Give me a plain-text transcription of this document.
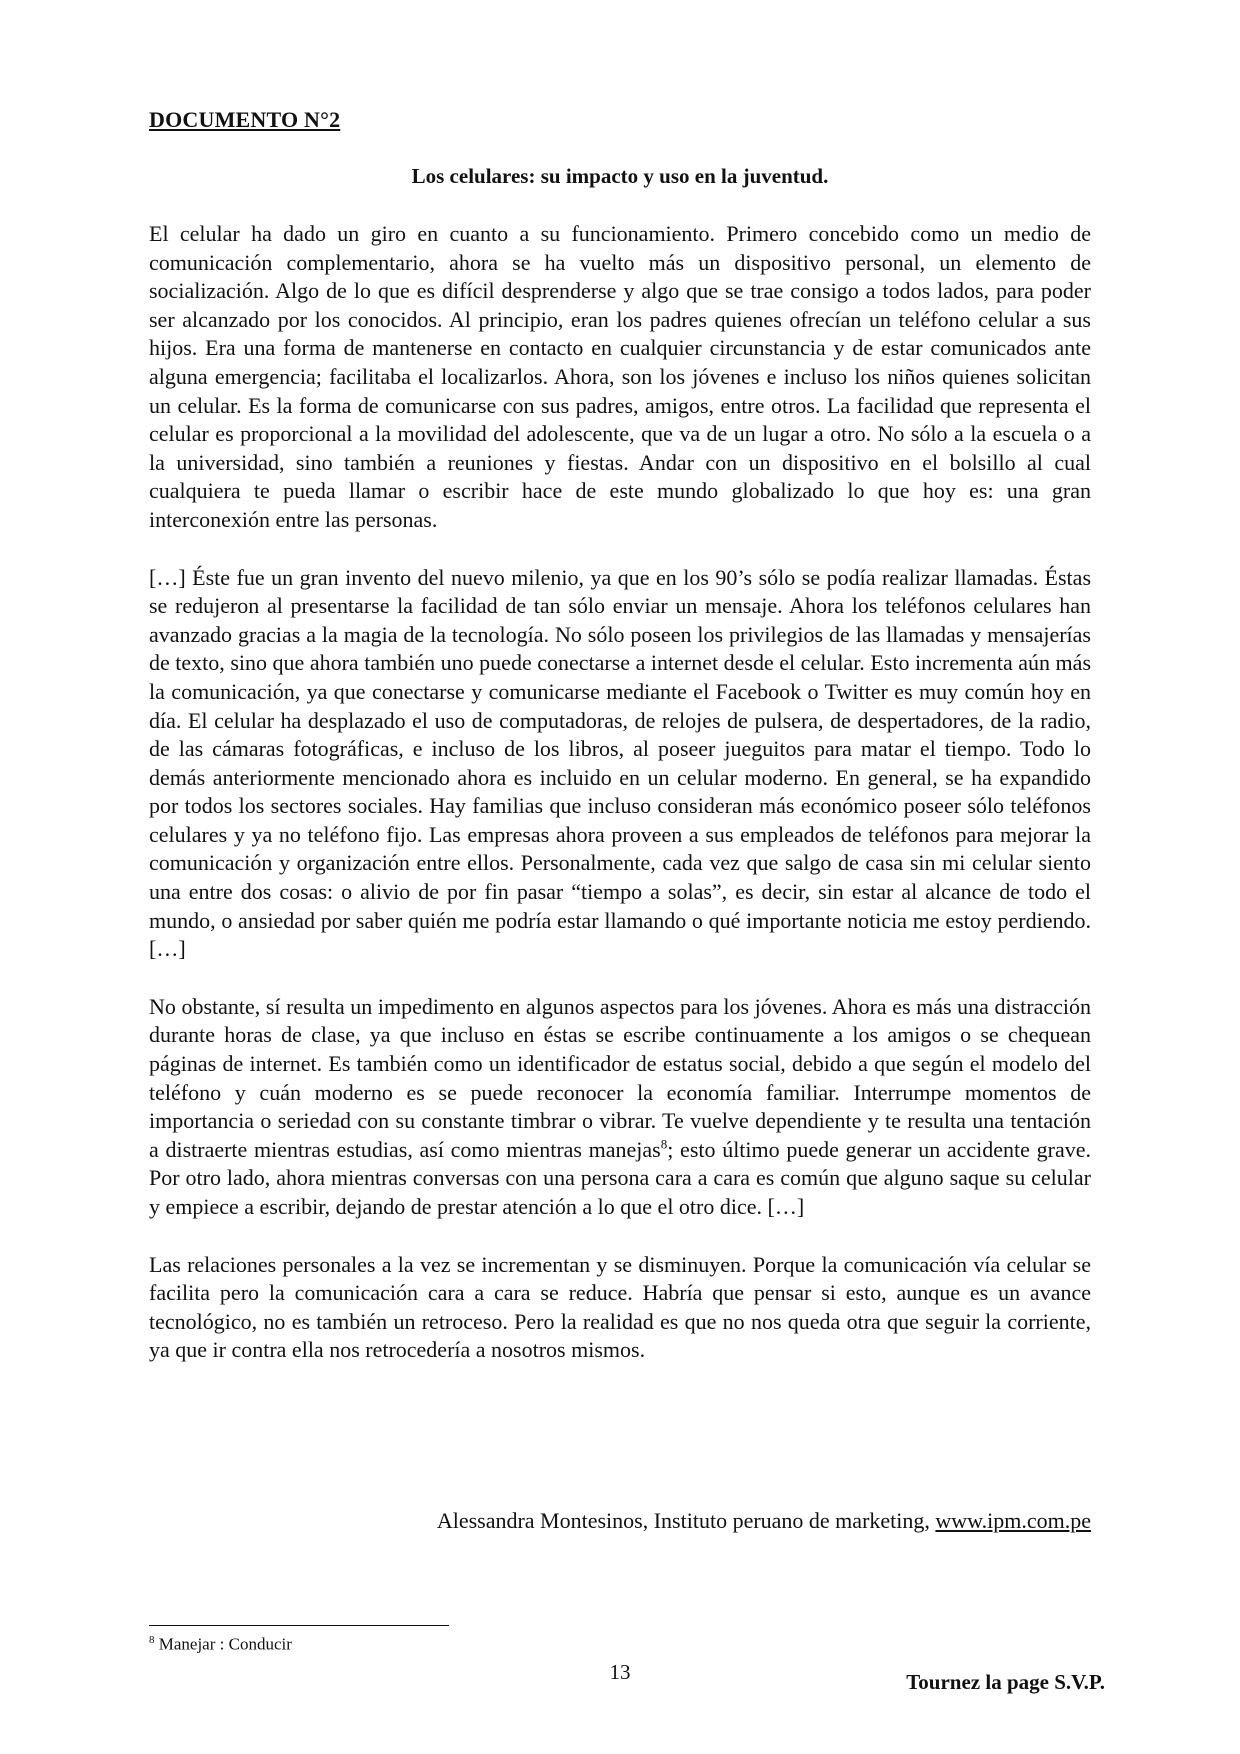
DOCUMENTO N°2
Los celulares: su impacto y uso en la juventud.

El celular ha dado un giro en cuanto a su funcionamiento. Primero concebido como un medio de comunicación complementario, ahora se ha vuelto más un dispositivo personal, un elemento de socialización. Algo de lo que es difícil desprenderse y algo que se trae consigo a todos lados, para poder ser alcanzado por los conocidos. Al principio, eran los padres quienes ofrecían un teléfono celular a sus hijos. Era una forma de mantenerse en contacto en cualquier circunstancia y de estar comunicados ante alguna emergencia; facilitaba el localizarlos. Ahora, son los jóvenes e incluso los niños quienes solicitan un celular. Es la forma de comunicarse con sus padres, amigos, entre otros. La facilidad que representa el celular es proporcional a la movilidad del adolescente, que va de un lugar a otro. No sólo a la escuela o a la universidad, sino también a reuniones y fiestas. Andar con un dispositivo en el bolsillo al cual cualquiera te pueda llamar o escribir hace de este mundo globalizado lo que hoy es: una gran interconexión entre las personas.

[…] Éste fue un gran invento del nuevo milenio, ya que en los 90’s sólo se podía realizar llamadas. Éstas se redujeron al presentarse la facilidad de tan sólo enviar un mensaje. Ahora los teléfonos celulares han avanzado gracias a la magia de la tecnología. No sólo poseen los privilegios de las llamadas y mensajerías de texto, sino que ahora también uno puede conectarse a internet desde el celular. Esto incrementa aún más la comunicación, ya que conectarse y comunicarse mediante el Facebook o Twitter es muy común hoy en día. El celular ha desplazado el uso de computadoras, de relojes de pulsera, de despertadores, de la radio, de las cámaras fotográficas, e incluso de los libros, al poseer jueguitos para matar el tiempo. Todo lo demás anteriormente mencionado ahora es incluido en un celular moderno. En general, se ha expandido por todos los sectores sociales. Hay familias que incluso consideran más económico poseer sólo teléfonos celulares y ya no teléfono fijo. Las empresas ahora proveen a sus empleados de teléfonos para mejorar la comunicación y organización entre ellos. Personalmente, cada vez que salgo de casa sin mi celular siento una entre dos cosas: o alivio de por fin pasar “tiempo a solas”, es decir, sin estar al alcance de todo el mundo, o ansiedad por saber quién me podría estar llamando o qué importante noticia me estoy perdiendo. […]

No obstante, sí resulta un impedimento en algunos aspectos para los jóvenes. Ahora es más una distracción durante horas de clase, ya que incluso en éstas se escribe continuamente a los amigos o se chequean páginas de internet. Es también como un identificador de estatus social, debido a que según el modelo del teléfono y cuán moderno es se puede reconocer la economía familiar. Interrumpe momentos de importancia o seriedad con su constante timbrar o vibrar. Te vuelve dependiente y te resulta una tentación a distraerte mientras estudias, así como mientras manejas$^8$; esto último puede generar un accidente grave. Por otro lado, ahora mientras conversas con una persona cara a cara es común que alguno saque su celular y empiece a escribir, dejando de prestar atención a lo que el otro dice. […]

Las relaciones personales a la vez se incrementan y se disminuyen. Porque la comunicación vía celular se facilita pero la comunicación cara a cara se reduce. Habría que pensar si esto, aunque es un avance tecnológico, no es también un retroceso. Pero la realidad es que no nos queda otra que seguir la corriente, ya que ir contra ella nos retrocedería a nosotros mismos.

Alessandra Montesinos, Instituto peruano de marketing, www.ipm.com.pe
$^8$ Manejar : Conducir
13	Tournez la page S.V.P.
